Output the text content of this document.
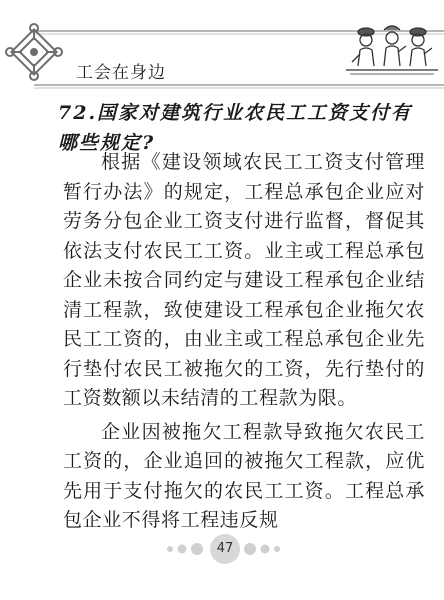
工会在身边
72.国家对建筑行业农民工工资支付有哪些规定?

根据《建设领域农民工工资支付管理暂行办法》的规定，工程总承包企业应对劳务分包企业工资支付进行监督，督促其依法支付农民工工资。业主或工程总承包企业未按合同约定与建设工程承包企业结清工程款，致使建设工程承包企业拖欠农民工工资的，由业主或工程总承包企业先行垫付农民工被拖欠的工资，先行垫付的工资数额以未结清的工程款为限。

企业因被拖欠工程款导致拖欠农民工工资的，企业追回的被拖欠工程款，应优先用于支付拖欠的农民工工资。工程总承包企业不得将工程违反规

47
